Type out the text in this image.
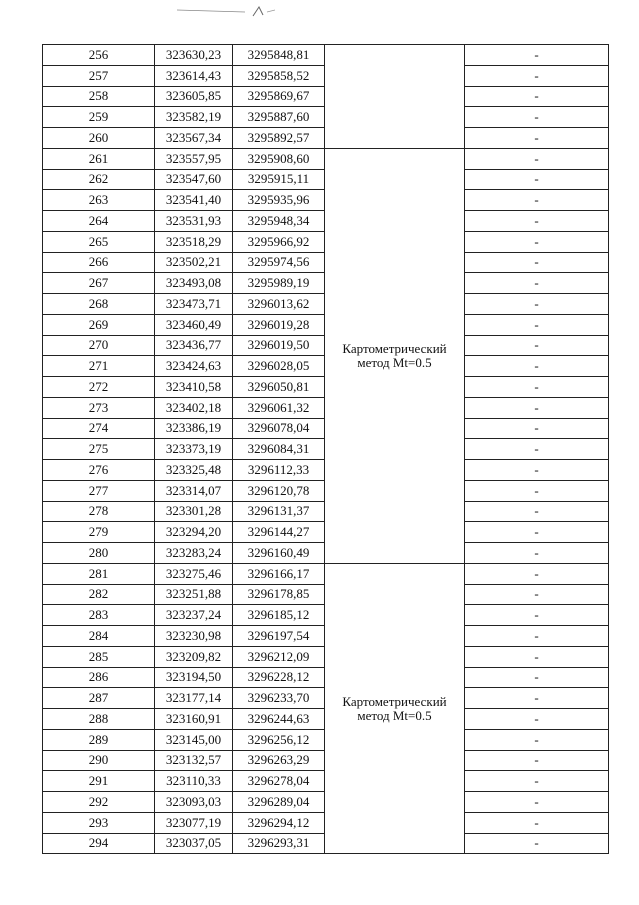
256	323630,23	3295848,81		-
257	323614,43	3295858,52		-
258	323605,85	3295869,67		-
259	323582,19	3295887,60		-
260	323567,34	3295892,57		-
261	323557,95	3295908,60	Картометрический метод Mt=0.5	-
262	323547,60	3295915,11		-
263	323541,40	3295935,96		-
264	323531,93	3295948,34		-
265	323518,29	3295966,92		-
266	323502,21	3295974,56		-
267	323493,08	3295989,19		-
268	323473,71	3296013,62		-
269	323460,49	3296019,28		-
270	323436,77	3296019,50		-
271	323424,63	3296028,05		-
272	323410,58	3296050,81		-
273	323402,18	3296061,32		-
274	323386,19	3296078,04		-
275	323373,19	3296084,31		-
276	323325,48	3296112,33		-
277	323314,07	3296120,78		-
278	323301,28	3296131,37		-
279	323294,20	3296144,27		-
280	323283,24	3296160,49		-
281	323275,46	3296166,17	Картометрический метод Mt=0.5	-
282	323251,88	3296178,85		-
283	323237,24	3296185,12		-
284	323230,98	3296197,54		-
285	323209,82	3296212,09		-
286	323194,50	3296228,12		-
287	323177,14	3296233,70		-
288	323160,91	3296244,63		-
289	323145,00	3296256,12		-
290	323132,57	3296263,29		-
291	323110,33	3296278,04		-
292	323093,03	3296289,04		-
293	323077,19	3296294,12		-
294	323037,05	3296293,31		-
